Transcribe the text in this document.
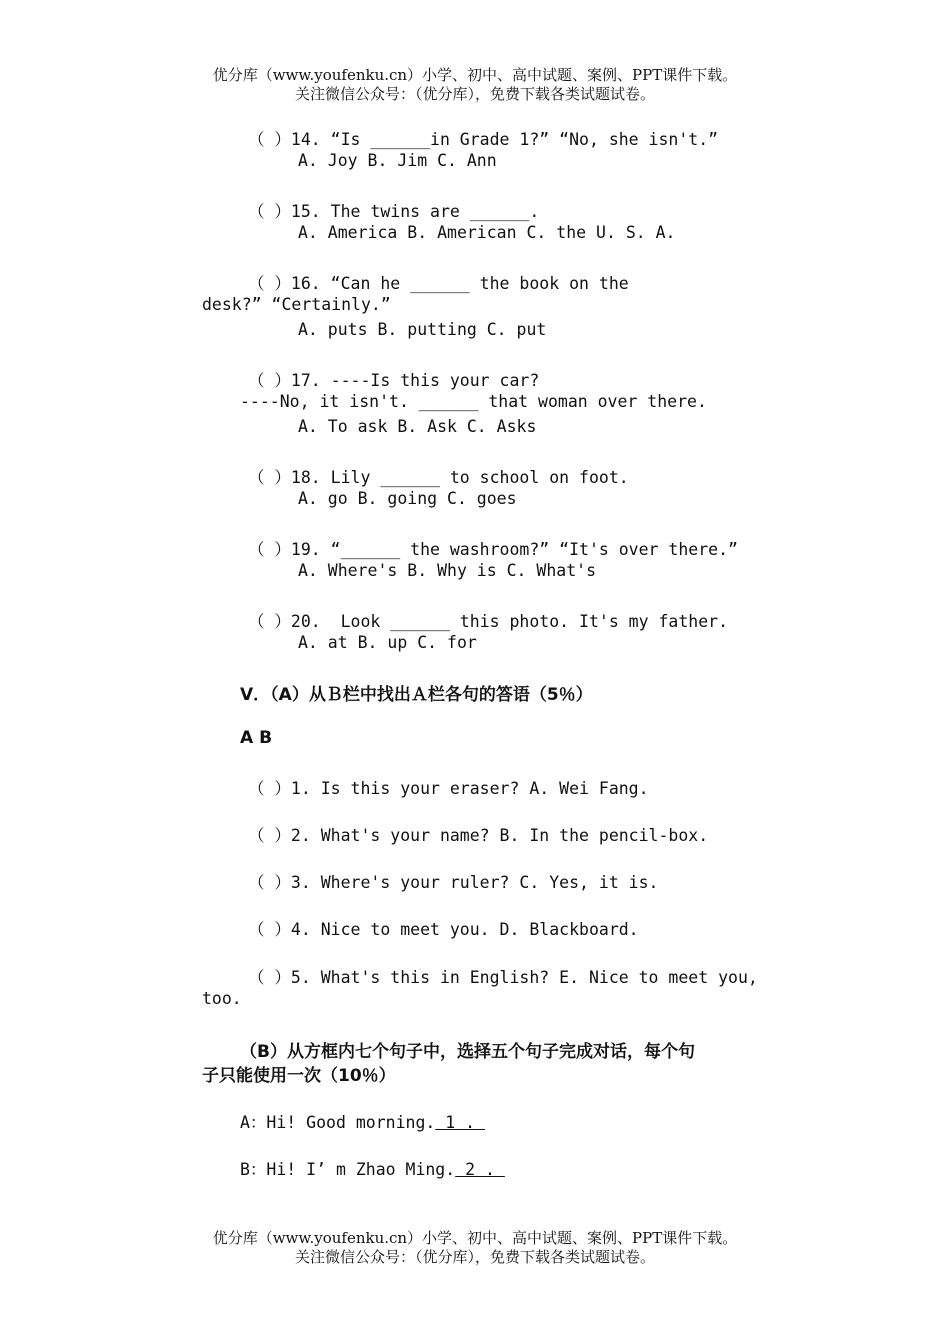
优分库（www.youfenku.cn）小学、初中、高中试题、案例、PPT课件下载。
关注微信公众号：（优分库），免费下载各类试题试卷。
（ ）14. “Is ______in Grade 1?” “No, she isn't.”
A. Joy B. Jim C. Ann
（ ）15. The twins are ______.
A. America B. American C. the U. S. A.
（ ）16. “Can he ______ the book on the
desk?” “Certainly.”
A. puts B. putting C. put
（ ）17. ----Is this your car?
----No, it isn't. ______ that woman over there.
A. To ask B. Ask C. Asks
（ ）18. Lily ______ to school on foot.
A. go B. going C. goes
（ ）19. “______ the washroom?” “It's over there.”
A. Where's B. Why is C. What's
（ ）20.  Look ______ this photo. It's my father.
A. at B. up C. for
Ⅴ．（A）从Ｂ栏中找出Ａ栏各句的答语（5％）
A B
（ ）1. Is this your eraser? A. Wei Fang.
（ ）2. What's your name? B. In the pencil-box.
（ ）3. Where's your ruler? C. Yes, it is.
（ ）4. Nice to meet you. D. Blackboard.
（ ）5. What's this in English? E. Nice to meet you,
too.
（B）从方框内七个句子中，选择五个句子完成对话，每个句
子只能使用一次（10％）
A：Hi! Good morning. 1 .
B：Hi! I’ m Zhao Ming. 2 .
优分库（www.youfenku.cn）小学、初中、高中试题、案例、PPT课件下载。
关注微信公众号：（优分库），免费下载各类试题试卷。
